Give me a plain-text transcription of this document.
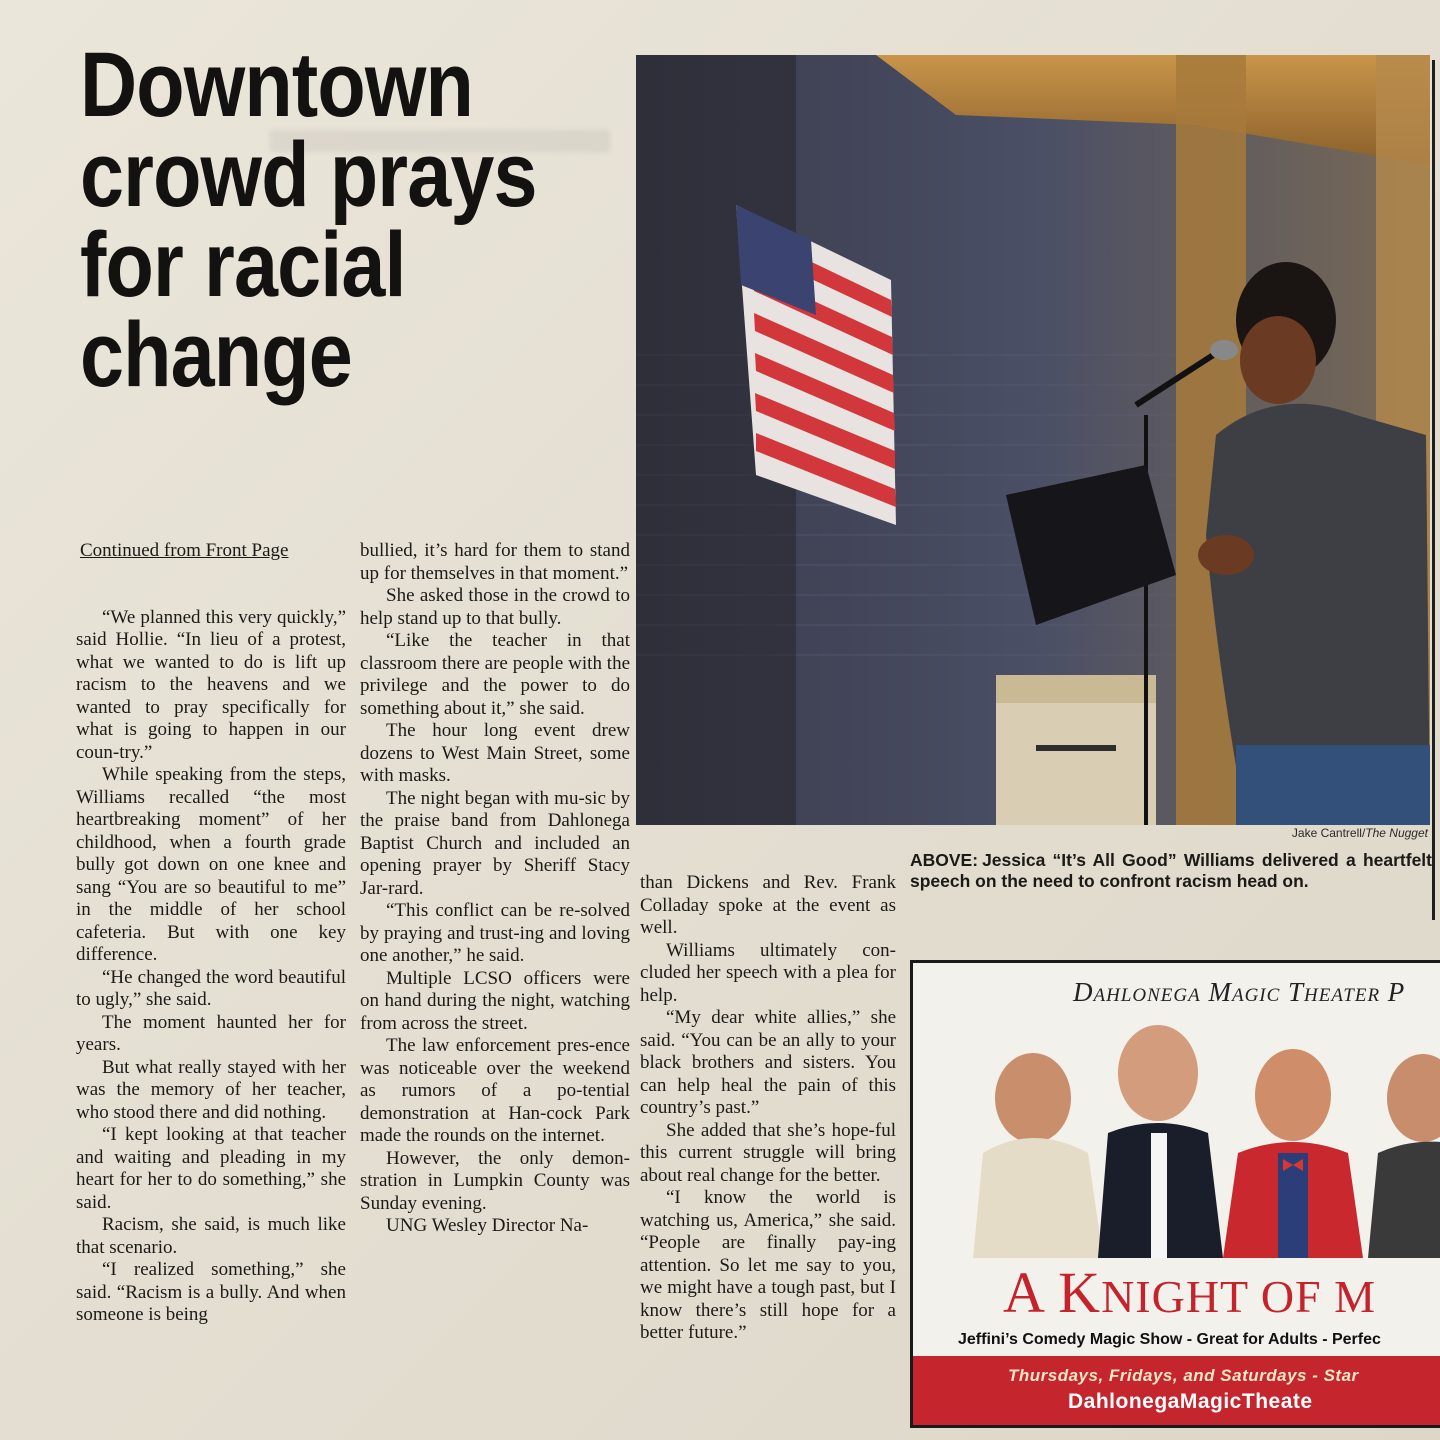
Downtown
crowd prays
for racial
change

Continued from Front Page

“We planned this very quickly,” said Hollie. “In lieu of a protest, what we wanted to do is lift up racism to the heavens and we wanted to pray specifically for what is going to happen in our coun-try.”

While speaking from the steps, Williams recalled “the most heartbreaking moment” of her childhood, when a fourth grade bully got down on one knee and sang “You are so beautiful to me” in the middle of her school cafeteria. But with one key difference.

“He changed the word beautiful to ugly,” she said.

The moment haunted her for years.

But what really stayed with her was the memory of her teacher, who stood there and did nothing.

“I kept looking at that teacher and waiting and pleading in my heart for her to do something,” she said.

Racism, she said, is much like that scenario.

“I realized something,” she said. “Racism is a bully. And when someone is being

bullied, it’s hard for them to stand up for themselves in that moment.”

She asked those in the crowd to help stand up to that bully.

“Like the teacher in that classroom there are people with the privilege and the power to do something about it,” she said.

The hour long event drew dozens to West Main Street, some with masks.

The night began with mu-sic by the praise band from Dahlonega Baptist Church and included an opening prayer by Sheriff Stacy Jar-rard.

“This conflict can be re-solved by praying and trust-ing and loving one another,” he said.

Multiple LCSO officers were on hand during the night, watching from across the street.

The law enforcement pres-ence was noticeable over the weekend as rumors of a po-tential demonstration at Han-cock Park made the rounds on the internet.

However, the only demon-stration in Lumpkin County was Sunday evening.

UNG Wesley Director Na-

than Dickens and Rev. Frank Colladay spoke at the event as well.

Williams ultimately con-cluded her speech with a plea for help.

“My dear white allies,” she said. “You can be an ally to your black brothers and sisters. You can help heal the pain of this country’s past.”

She added that she’s hope-ful this current struggle will bring about real change for the better.

“I know the world is watching us, America,” she said. “People are finally pay-ing attention. So let me say to you, we might have a tough past, but I know there’s still hope for a better future.”

Jake Cantrell/The Nugget
ABOVE: Jessica “It’s All Good” Williams delivered a heartfelt speech on the need to confront racism head on.
Dahlonega Magic Theater P
A KNIGHT OF M
Jeffini’s Comedy Magic Show - Great for Adults - Perfec
Thursdays, Fridays, and Saturdays - Star
DahlonegaMagicTheate
